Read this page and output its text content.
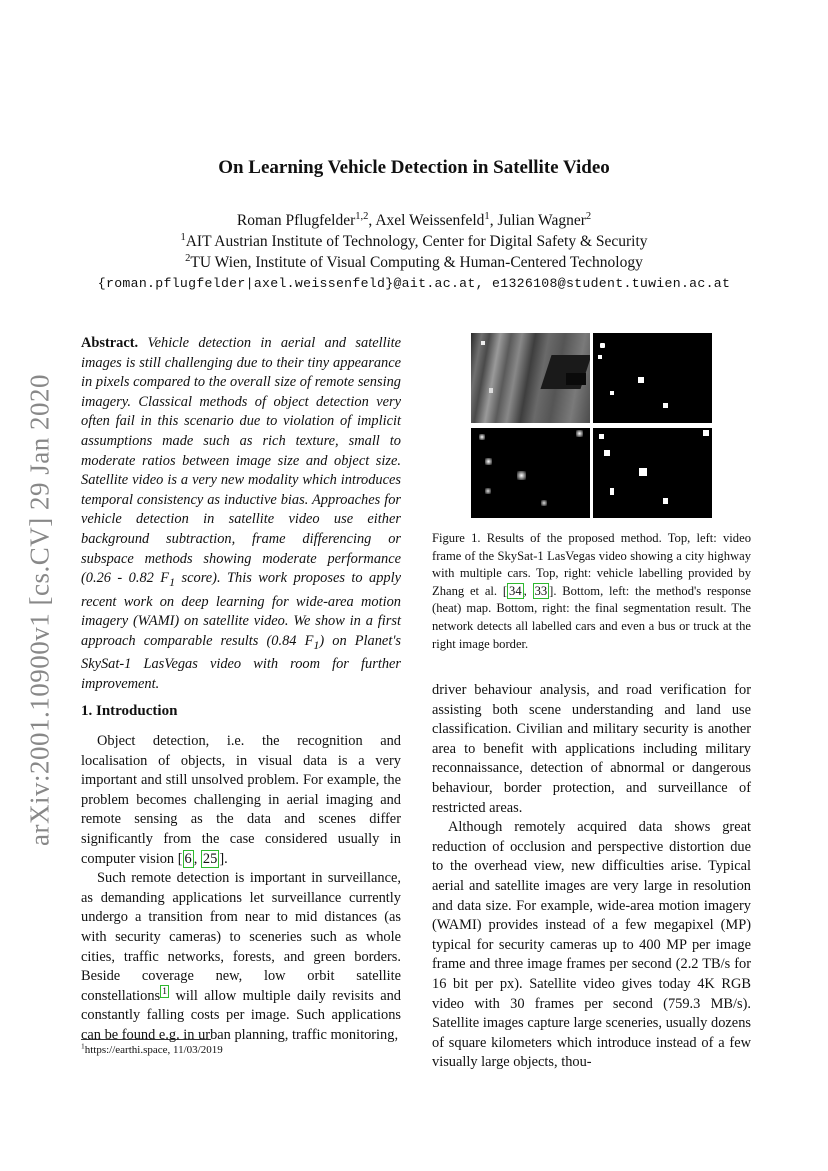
arXiv:2001.10900v1 [cs.CV] 29 Jan 2020
On Learning Vehicle Detection in Satellite Video
Roman Pflugfelder$^{1,2}$, Axel Weissenfeld$^1$, Julian Wagner$^2$
$^1$AIT Austrian Institute of Technology, Center for Digital Safety & Security
$^2$TU Wien, Institute of Visual Computing & Human-Centered Technology
{roman.pflugfelder|axel.weissenfeld}@ait.ac.at, e1326108@student.tuwien.ac.at

Abstract. Vehicle detection in aerial and satellite images is still challenging due to their tiny appearance in pixels compared to the overall size of remote sensing imagery. Classical methods of object detection very often fail in this scenario due to violation of implicit assumptions made such as rich texture, small to moderate ratios between image size and object size. Satellite video is a very new modality which introduces temporal consistency as inductive bias. Approaches for vehicle detection in satellite video use either background subtraction, frame differencing or subspace methods showing moderate performance (0.26 - 0.82 $F_1$ score). This work proposes to apply recent work on deep learning for wide-area motion imagery (WAMI) on satellite video. We show in a first approach comparable results (0.84 $F_1$) on Planet's SkySat-1 LasVegas video with room for further improvement.

Figure 1. Results of the proposed method. Top, left: video frame of the SkySat-1 LasVegas video showing a city highway with multiple cars. Top, right: vehicle labelling provided by Zhang et al. [ 34 , 33 ]. Bottom, left: the method's response (heat) map. Bottom, right: the final segmentation result. The network detects all labelled cars and even a bus or truck at the right image border.
1. Introduction

Object detection, i.e. the recognition and localisation of objects, in visual data is a very important and still unsolved problem. For example, the problem becomes challenging in aerial imaging and remote sensing as the data and scenes differ significantly from the case considered usually in computer vision [ 6 , 25 ].

Such remote detection is important in surveillance, as demanding applications let surveillance currently undergo a transition from near to mid distances (as with security cameras) to sceneries such as whole cities, traffic networks, forests, and green borders. Beside coverage new, low orbit satellite constellations $^1$ will allow multiple daily revisits and constantly falling costs per image. Such applications can be found e.g. in urban planning, traffic monitoring,

driver behaviour analysis, and road verification for assisting both scene understanding and land use classification. Civilian and military security is another area to benefit with applications including military reconnaissance, detection of abnormal or dangerous behaviour, border protection, and surveillance of restricted areas.

Although remotely acquired data shows great reduction of occlusion and perspective distortion due to the overhead view, new difficulties arise. Typical aerial and satellite images are very large in resolution and data size. For example, wide-area motion imagery (WAMI) provides instead of a few megapixel (MP) typical for security cameras up to 400 MP per image frame and three image frames per second (2.2 TB/s for 16 bit per px). Satellite video gives today 4K RGB video with 30 frames per second (759.3 MB/s). Satellite images capture large sceneries, usually dozens of square kilometers which introduce instead of a few visually large objects, thou-

$^1$https://earthi.space, 11/03/2019
